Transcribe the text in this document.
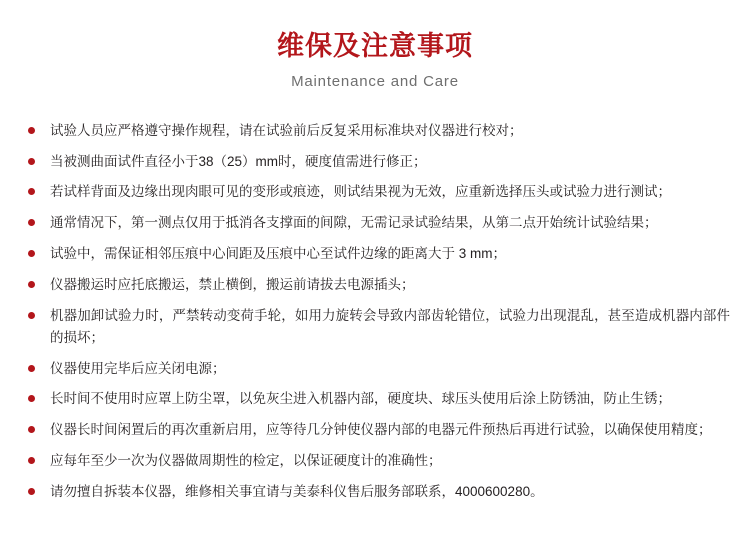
维保及注意事项
Maintenance and Care
试验人员应严格遵守操作规程，请在试验前后反复采用标准块对仪器进行校对；
当被测曲面试件直径小于38（25）mm时，硬度值需进行修正；
若试样背面及边缘出现肉眼可见的变形或痕迹，则试结果视为无效，应重新选择压头或试验力进行测试；
通常情况下，第一测点仅用于抵消各支撑面的间隙，无需记录试验结果，从第二点开始统计试验结果；
试验中，需保证相邻压痕中心间距及压痕中心至试件边缘的距离大于 3 mm；
仪器搬运时应托底搬运，禁止横倒，搬运前请拔去电源插头；
机器加卸试验力时，严禁转动变荷手轮，如用力旋转会导致内部齿轮错位，试验力出现混乱，甚至造成机器内部件的损坏；
仪器使用完毕后应关闭电源；
长时间不使用时应罩上防尘罩，以免灰尘进入机器内部，硬度块、球压头使用后涂上防锈油，防止生锈；
仪器长时间闲置后的再次重新启用，应等待几分钟使仪器内部的电器元件预热后再进行试验，以确保使用精度；
应每年至少一次为仪器做周期性的检定，以保证硬度计的准确性；
请勿擅自拆装本仪器，维修相关事宜请与美泰科仪售后服务部联系，4000600280。
